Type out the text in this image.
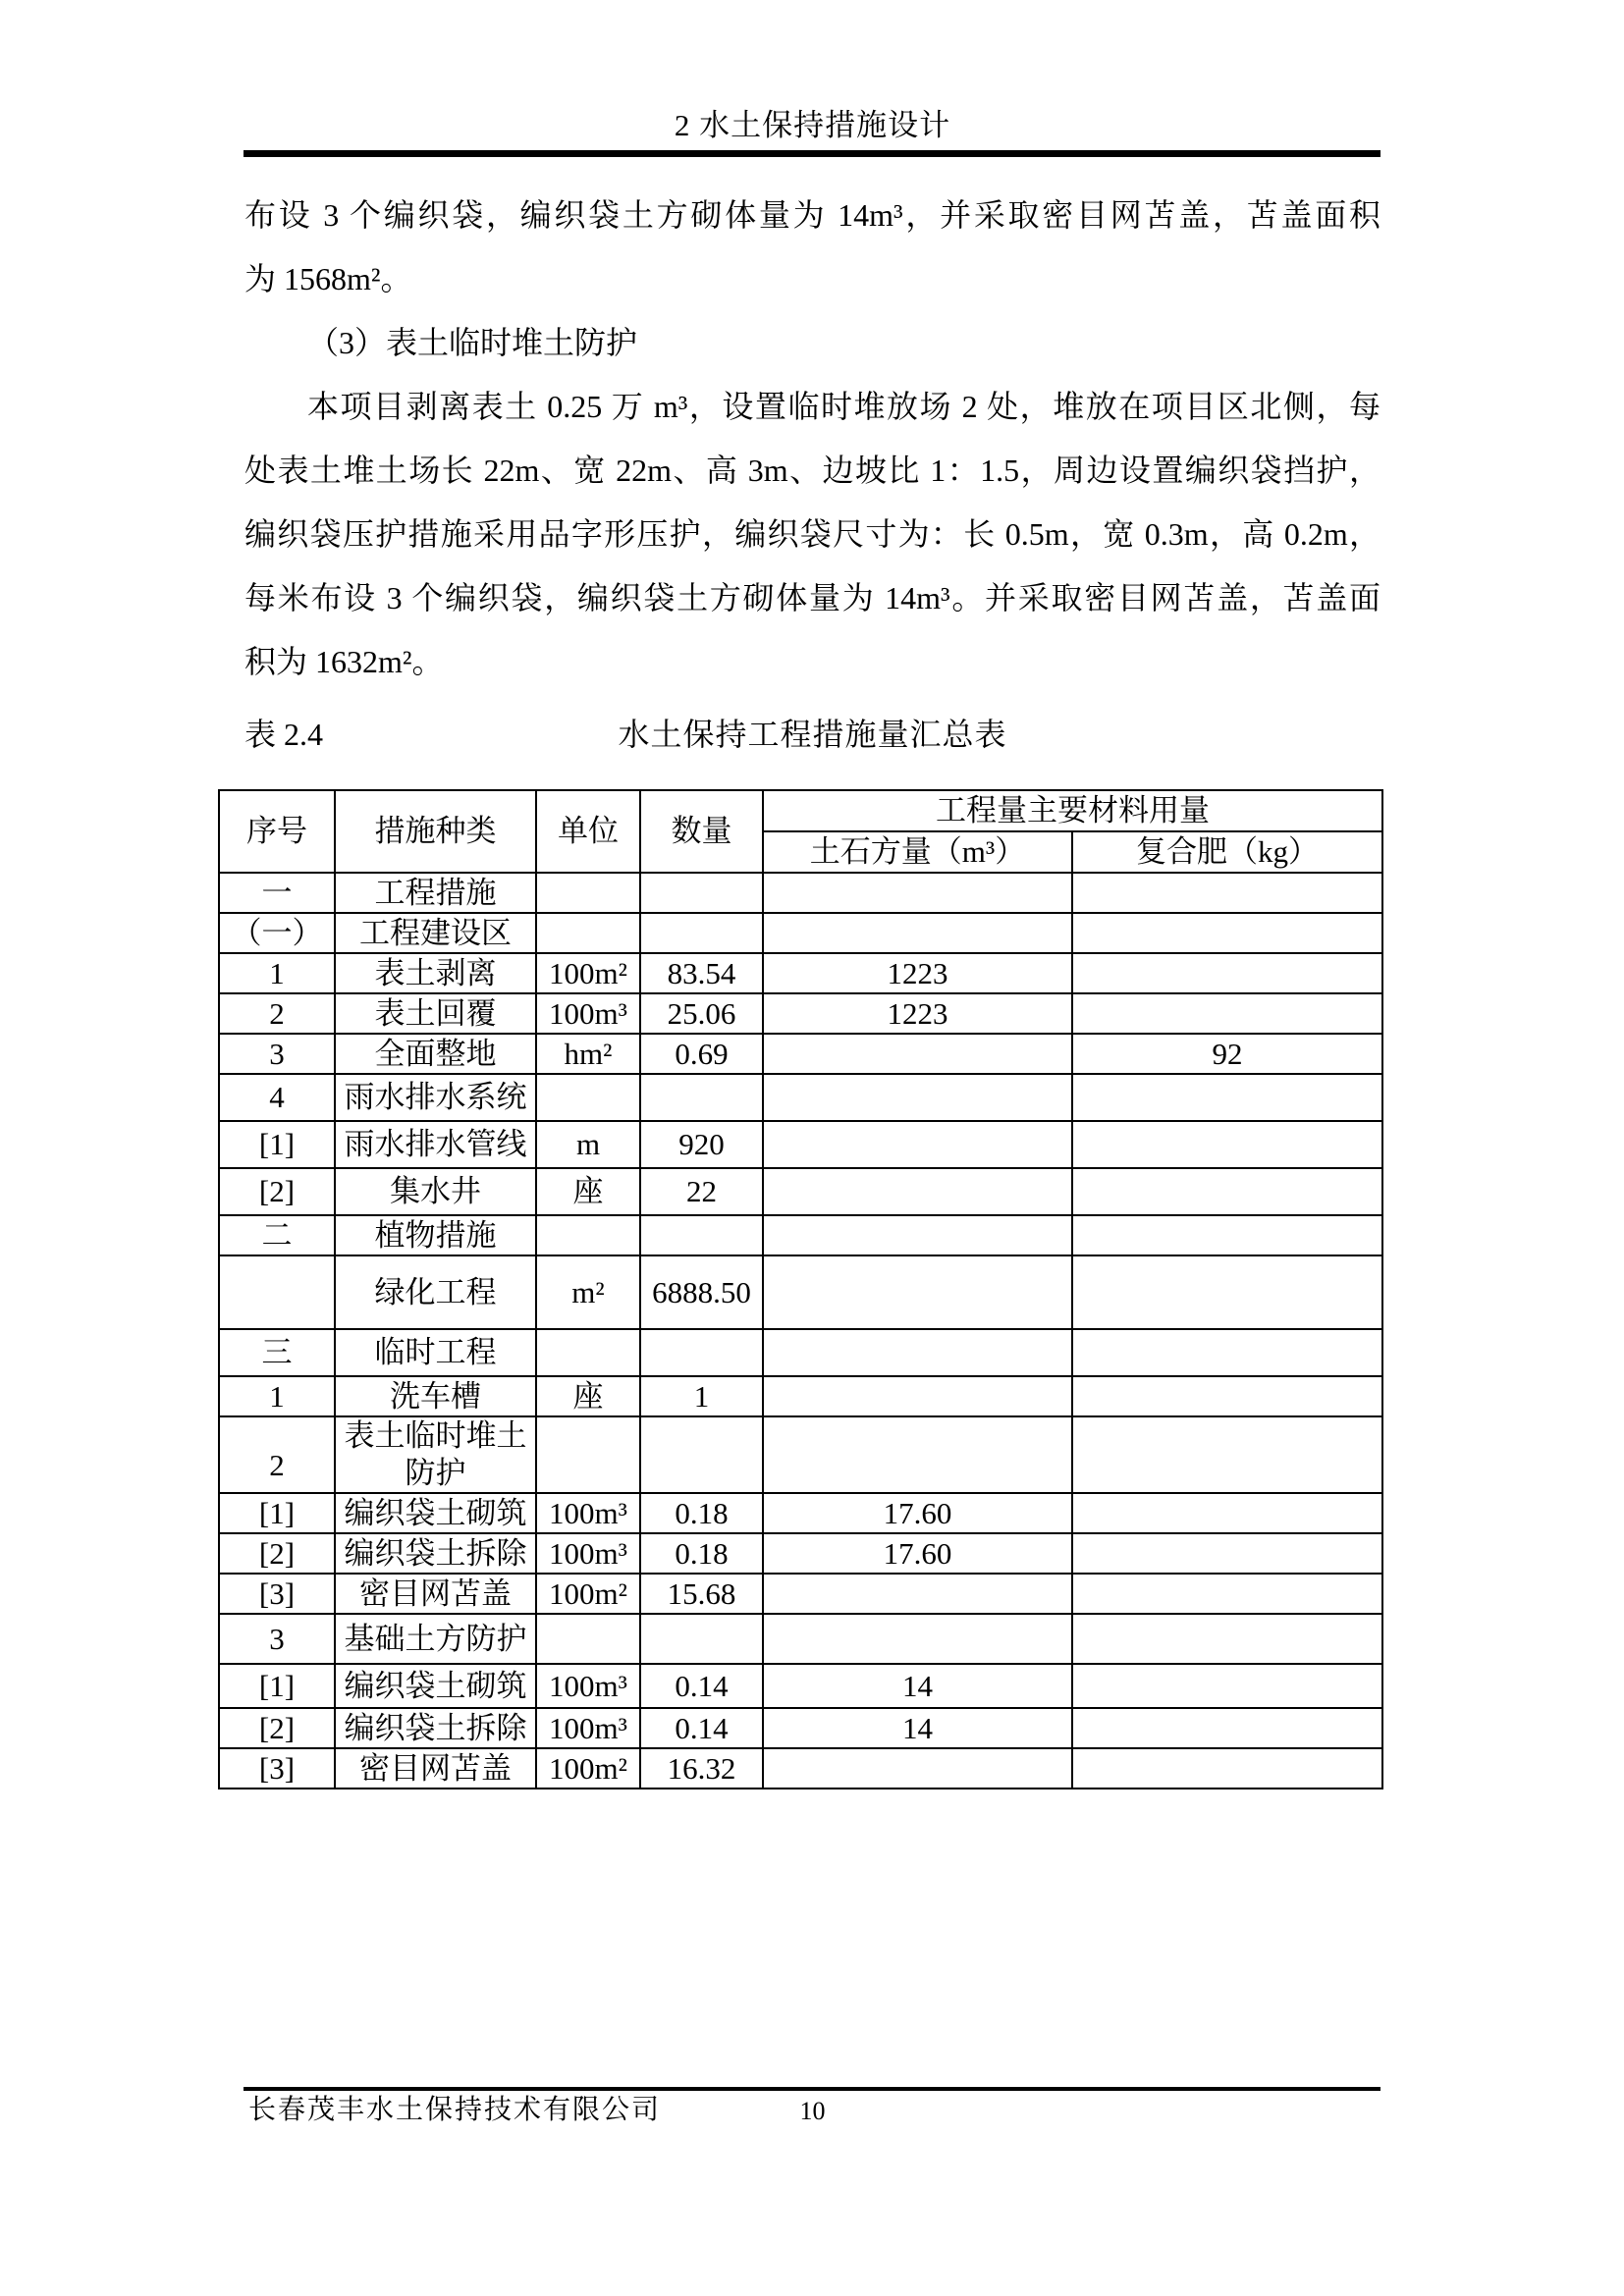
2 水土保持措施设计
布设 3 个编织袋，编织袋土方砌体量为 14m³，并采取密目网苫盖，苫盖面积
为 1568m²。
（3）表土临时堆土防护
本项目剥离表土 0.25 万 m³，设置临时堆放场 2 处，堆放在项目区北侧，每
处表土堆土场长 22m、宽 22m、高 3m、边坡比 1：1.5，周边设置编织袋挡护，
编织袋压护措施采用品字形压护，编织袋尺寸为：长 0.5m，宽 0.3m，高 0.2m，
每米布设 3 个编织袋，编织袋土方砌体量为 14m³。并采取密目网苫盖，苫盖面
积为 1632m²。
水土保持工程措施量汇总表
表 2.4
序号	措施种类	单位	数量	工程量主要材料用量	
				土石方量（m³）	复合肥（kg）
一	工程措施				
（一）	工程建设区				
1	表土剥离	100m²	83.54	1223	
2	表土回覆	100m³	25.06	1223	
3	全面整地	hm²	0.69		92
4	雨水排水系统				
[1]	雨水排水管线	m	920		
[2]	集水井	座	22		
二	植物措施				
	绿化工程	m²	6888.50		
三	临时工程				
1	洗车槽	座	1		
2	表土临时堆土防护				
[1]	编织袋土砌筑	100m³	0.18	17.60	
[2]	编织袋土拆除	100m³	0.18	17.60	
[3]	密目网苫盖	100m²	15.68		
3	基础土方防护				
[1]	编织袋土砌筑	100m³	0.14	14	
[2]	编织袋土拆除	100m³	0.14	14	
[3]	密目网苫盖	100m²	16.32		
10
长春茂丰水土保持技术有限公司
